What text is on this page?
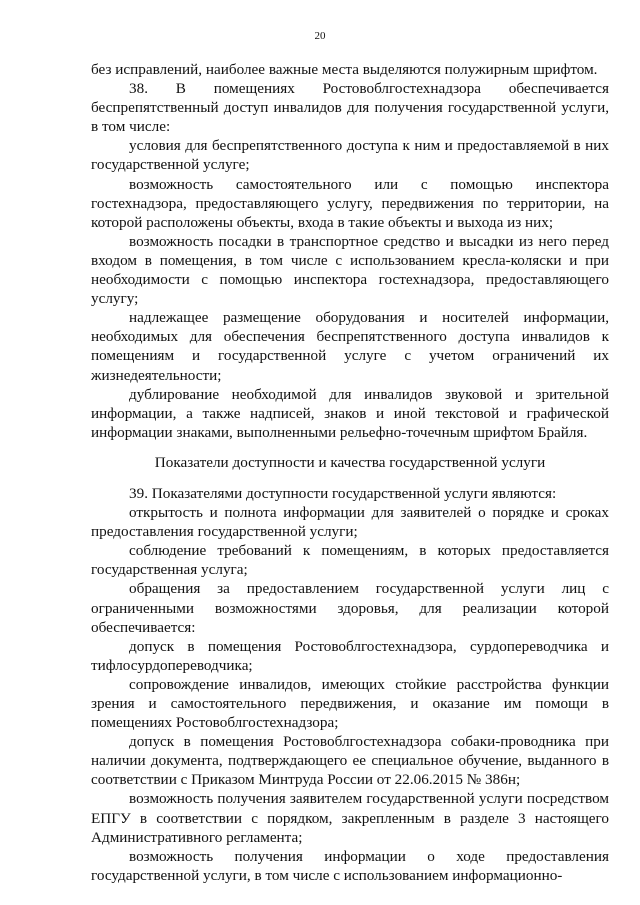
20

без исправлений, наиболее важные места выделяются полужирным шрифтом.

38. В помещениях Ростовоблгостехнадзора обеспечивается беспрепятственный доступ инвалидов для получения государственной услуги, в том числе:

условия для беспрепятственного доступа к ним и предоставляемой в них государственной услуге;

возможность самостоятельного или с помощью инспектора гостехнадзора, предоставляющего услугу, передвижения по территории, на которой расположены объекты, входа в такие объекты и выхода из них;

возможность посадки в транспортное средство и высадки из него перед входом в помещения, в том числе с использованием кресла-коляски и при необходимости с помощью инспектора гостехнадзора, предоставляющего услугу;

надлежащее размещение оборудования и носителей информации, необходимых для обеспечения беспрепятственного доступа инвалидов к помещениям и государственной услуге с учетом ограничений их жизнедеятельности;

дублирование необходимой для инвалидов звуковой и зрительной информации, а также надписей, знаков и иной текстовой и графической информации знаками, выполненными рельефно-точечным шрифтом Брайля.

Показатели доступности и качества государственной услуги

39. Показателями доступности государственной услуги являются:

открытость и полнота информации для заявителей о порядке и сроках предоставления государственной услуги;

соблюдение требований к помещениям, в которых предоставляется государственная услуга;

обращения за предоставлением государственной услуги лиц с ограниченными возможностями здоровья, для реализации которой обеспечивается:

допуск в помещения Ростовоблгостехнадзора, сурдопереводчика и тифлосурдопереводчика;

сопровождение инвалидов, имеющих стойкие расстройства функции зрения и самостоятельного передвижения, и оказание им помощи в помещениях Ростовоблгостехнадзора;

допуск в помещения Ростовоблгостехнадзора собаки-проводника при наличии документа, подтверждающего ее специальное обучение, выданного в соответствии с Приказом Минтруда России от 22.06.2015 № 386н;

возможность получения заявителем государственной услуги посредством ЕПГУ в соответствии с порядком, закрепленным в разделе 3 настоящего Административного регламента;

возможность получения информации о ходе предоставления государственной услуги, в том числе с использованием информационно-
